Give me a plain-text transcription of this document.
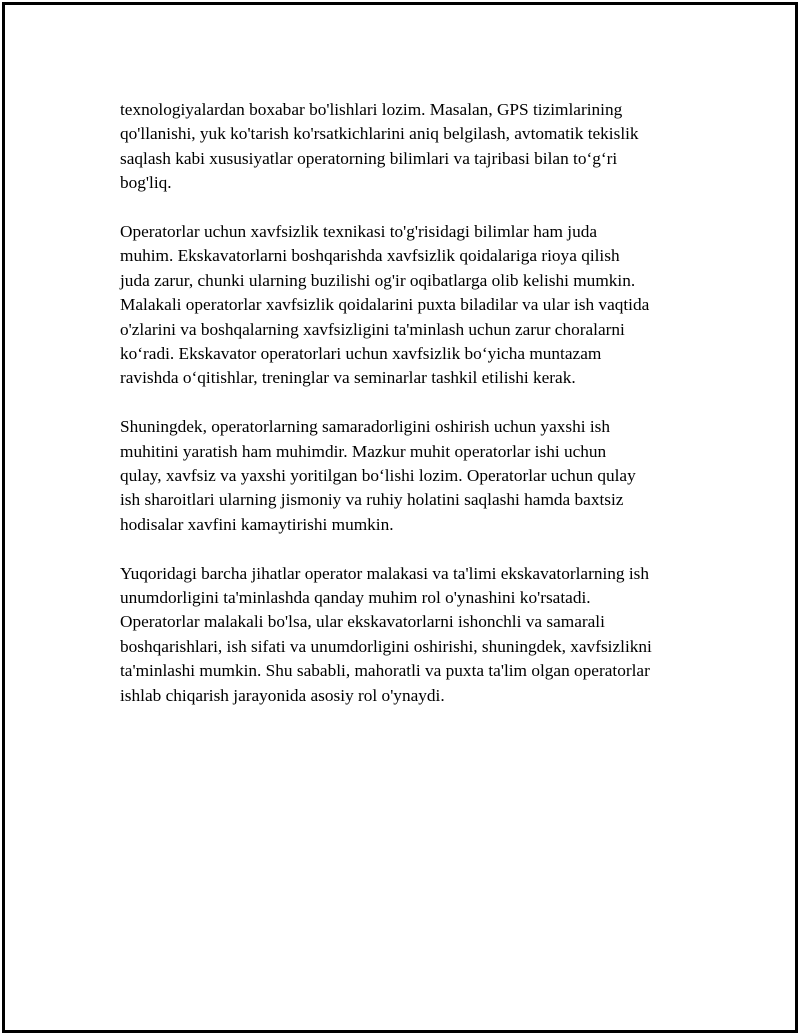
texnologiyalardan boxabar bo'lishlari lozim. Masalan, GPS tizimlarining
qo'llanishi, yuk ko'tarish ko'rsatkichlarini aniq belgilash, avtomatik tekislik
saqlash kabi xususiyatlar operatorning bilimlari va tajribasi bilan to‘g‘ri
bog'liq.

Operatorlar uchun xavfsizlik texnikasi to'g'risidagi bilimlar ham juda
muhim. Ekskavatorlarni boshqarishda xavfsizlik qoidalariga rioya qilish
juda zarur, chunki ularning buzilishi og'ir oqibatlarga olib kelishi mumkin.
Malakali operatorlar xavfsizlik qoidalarini puxta biladilar va ular ish vaqtida
o'zlarini va boshqalarning xavfsizligini ta'minlash uchun zarur choralarni
ko‘radi. Ekskavator operatorlari uchun xavfsizlik bo‘yicha muntazam
ravishda o‘qitishlar, treninglar va seminarlar tashkil etilishi kerak.

Shuningdek, operatorlarning samaradorligini oshirish uchun yaxshi ish
muhitini yaratish ham muhimdir. Mazkur muhit operatorlar ishi uchun
qulay, xavfsiz va yaxshi yoritilgan bo‘lishi lozim. Operatorlar uchun qulay
ish sharoitlari ularning jismoniy va ruhiy holatini saqlashi hamda baxtsiz
hodisalar xavfini kamaytirishi mumkin.

Yuqoridagi barcha jihatlar operator malakasi va ta'limi ekskavatorlarning ish
unumdorligini ta'minlashda qanday muhim rol o'ynashini ko'rsatadi.
Operatorlar malakali bo'lsa, ular ekskavatorlarni ishonchli va samarali
boshqarishlari, ish sifati va unumdorligini oshirishi, shuningdek, xavfsizlikni
ta'minlashi mumkin. Shu sababli, mahoratli va puxta ta'lim olgan operatorlar
ishlab chiqarish jarayonida asosiy rol o'ynaydi.
